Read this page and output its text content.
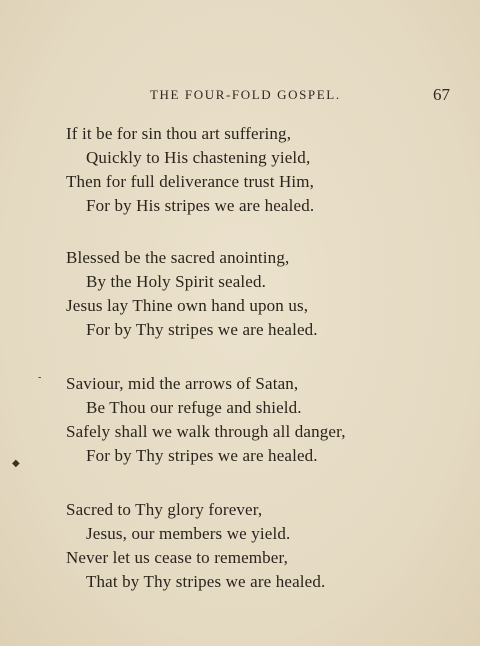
THE FOUR-FOLD GOSPEL.	67
If it be for sin thou art suffering,
Quickly to His chastening yield,
Then for full deliverance trust Him,
For by His stripes we are healed.
Blessed be the sacred anointing,
By the Holy Spirit sealed.
Jesus lay Thine own hand upon us,
For by Thy stripes we are healed.
Saviour, mid the arrows of Satan,
Be Thou our refuge and shield.
Safely shall we walk through all danger,
For by Thy stripes we are healed.
Sacred to Thy glory forever,
Jesus, our members we yield.
Never let us cease to remember,
That by Thy stripes we are healed.
-
◆
